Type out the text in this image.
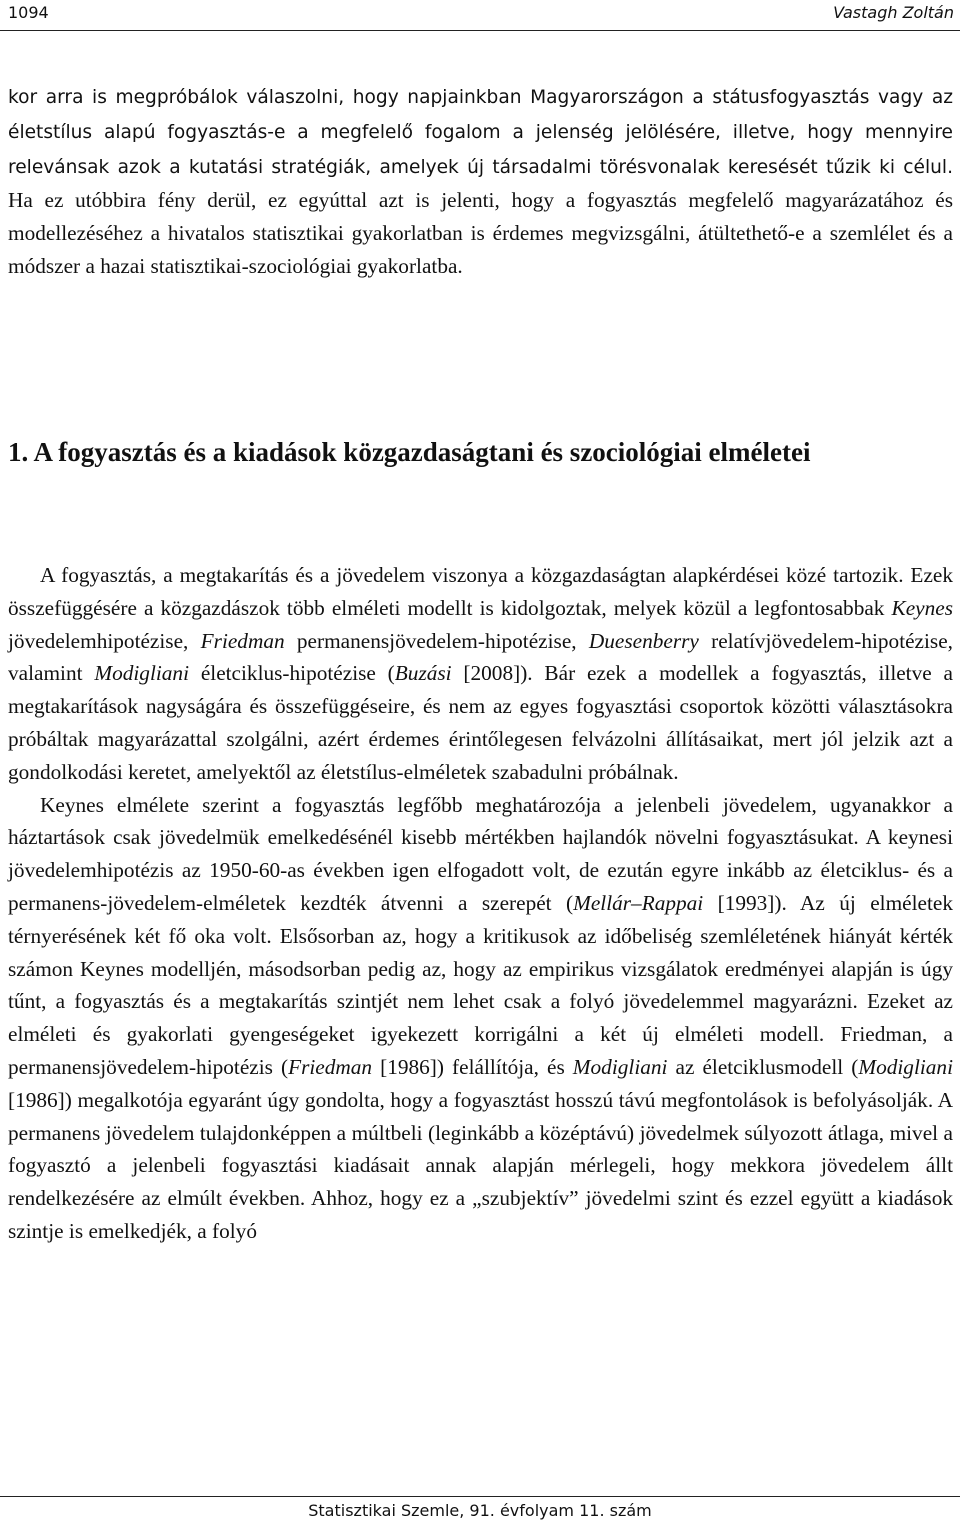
1094	Vastagh Zoltán

kor arra is megpróbálok válaszolni, hogy napjainkban Magyarországon a státusfogyasztás vagy az életstílus alapú fogyasztás-e a megfelelő fogalom a jelenség jelölésére, illetve, hogy mennyire relevánsak azok a kutatási stratégiák, amelyek új társadalmi törésvonalak keresését tűzik ki célul. Ha ez utóbbira fény derül, ez egyúttal azt is jelenti, hogy a fogyasztás megfelelő magyarázatához és modellezéséhez a hivatalos statisztikai gyakorlatban is érdemes megvizsgálni, átültethető-e a szemlélet és a módszer a hazai statisztikai-szociológiai gyakorlatba.

1. A fogyasztás és a kiadások közgazdaságtani és szociológiai elméletei

A fogyasztás, a megtakarítás és a jövedelem viszonya a közgazdaságtan alapkérdései közé tartozik. Ezek összefüggésére a közgazdászok több elméleti modellt is kidolgoztak, melyek közül a legfontosabbak Keynes jövedelemhipotézise, Friedman permanensjövedelem-hipotézise, Duesenberry relatívjövedelem-hipotézise, valamint Modigliani életciklus-hipotézise (Buzási [2008]). Bár ezek a modellek a fogyasztás, illetve a megtakarítások nagyságára és összefüggéseire, és nem az egyes fogyasztási csoportok közötti választásokra próbáltak magyarázattal szolgálni, azért érdemes érintőlegesen felvázolni állításaikat, mert jól jelzik azt a gondolkodási keretet, amelyektől az életstílus-elméletek szabadulni próbálnak.

Keynes elmélete szerint a fogyasztás legfőbb meghatározója a jelenbeli jövedelem, ugyanakkor a háztartások csak jövedelmük emelkedésénél kisebb mértékben hajlandók növelni fogyasztásukat. A keynesi jövedelemhipotézis az 1950-60-as években igen elfogadott volt, de ezután egyre inkább az életciklus- és a permanens-jövedelem-elméletek kezdték átvenni a szerepét (Mellár–Rappai [1993]). Az új elméletek térnyerésének két fő oka volt. Elsősorban az, hogy a kritikusok az időbeliség szemléletének hiányát kérték számon Keynes modelljén, másodsorban pedig az, hogy az empirikus vizsgálatok eredményei alapján is úgy tűnt, a fogyasztás és a megtakarítás szintjét nem lehet csak a folyó jövedelemmel magyarázni. Ezeket az elméleti és gyakorlati gyengeségeket igyekezett korrigálni a két új elméleti modell. Friedman, a permanensjövedelem-hipotézis (Friedman [1986]) felállítója, és Modigliani az életciklusmodell (Modigliani [1986]) megalkotója egyaránt úgy gondolta, hogy a fogyasztást hosszú távú megfontolások is befolyásolják. A permanens jövedelem tulajdonképpen a múltbeli (leginkább a középtávú) jövedelmek súlyozott átlaga, mivel a fogyasztó a jelenbeli fogyasztási kiadásait annak alapján mérlegeli, hogy mekkora jövedelem állt rendelkezésére az elmúlt években. Ahhoz, hogy ez a „szubjektív” jövedelmi szint és ezzel együtt a kiadások szintje is emelkedjék, a folyó

Statisztikai Szemle, 91. évfolyam 11. szám
